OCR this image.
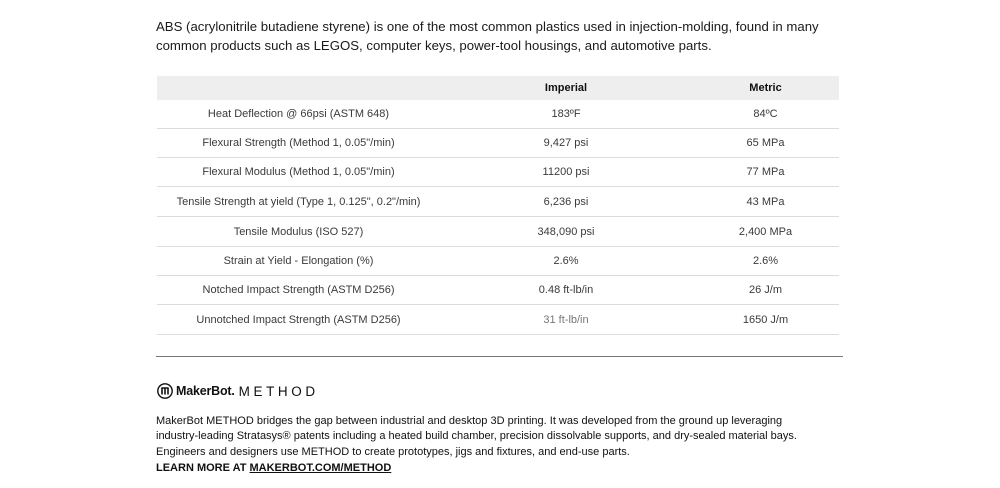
ABS (acrylonitrile butadiene styrene) is one of the most common plastics used in injection-molding, found in many
common products such as LEGOS, computer keys, power-tool housings, and automotive parts.
	Imperial	Metric
Heat Deflection @ 66psi (ASTM 648)	183ºF	84ºC
Flexural Strength (Method 1, 0.05"/min)	9,427 psi	65 MPa
Flexural Modulus (Method 1, 0.05"/min)	11200 psi	77 MPa
Tensile Strength at yield (Type 1, 0.125", 0.2"/min)	6,236 psi	43 MPa
Tensile Modulus (ISO 527)	348,090 psi	2,400 MPa
Strain at Yield - Elongation (%)	2.6%	2.6%
Notched Impact Strength (ASTM D256)	0.48 ft-lb/in	26 J/m
Unnotched Impact Strength (ASTM D256)	31 ft-lb/in	1650 J/m
MakerBot. METHOD
MakerBot METHOD bridges the gap between industrial and desktop 3D printing. It was developed from the ground up leveraging
industry-leading Stratasys® patents including a heated build chamber, precision dissolvable supports, and dry-sealed material bays.
Engineers and designers use METHOD to create prototypes, jigs and fixtures, and end-use parts.
LEARN MORE AT MAKERBOT.COM/METHOD
